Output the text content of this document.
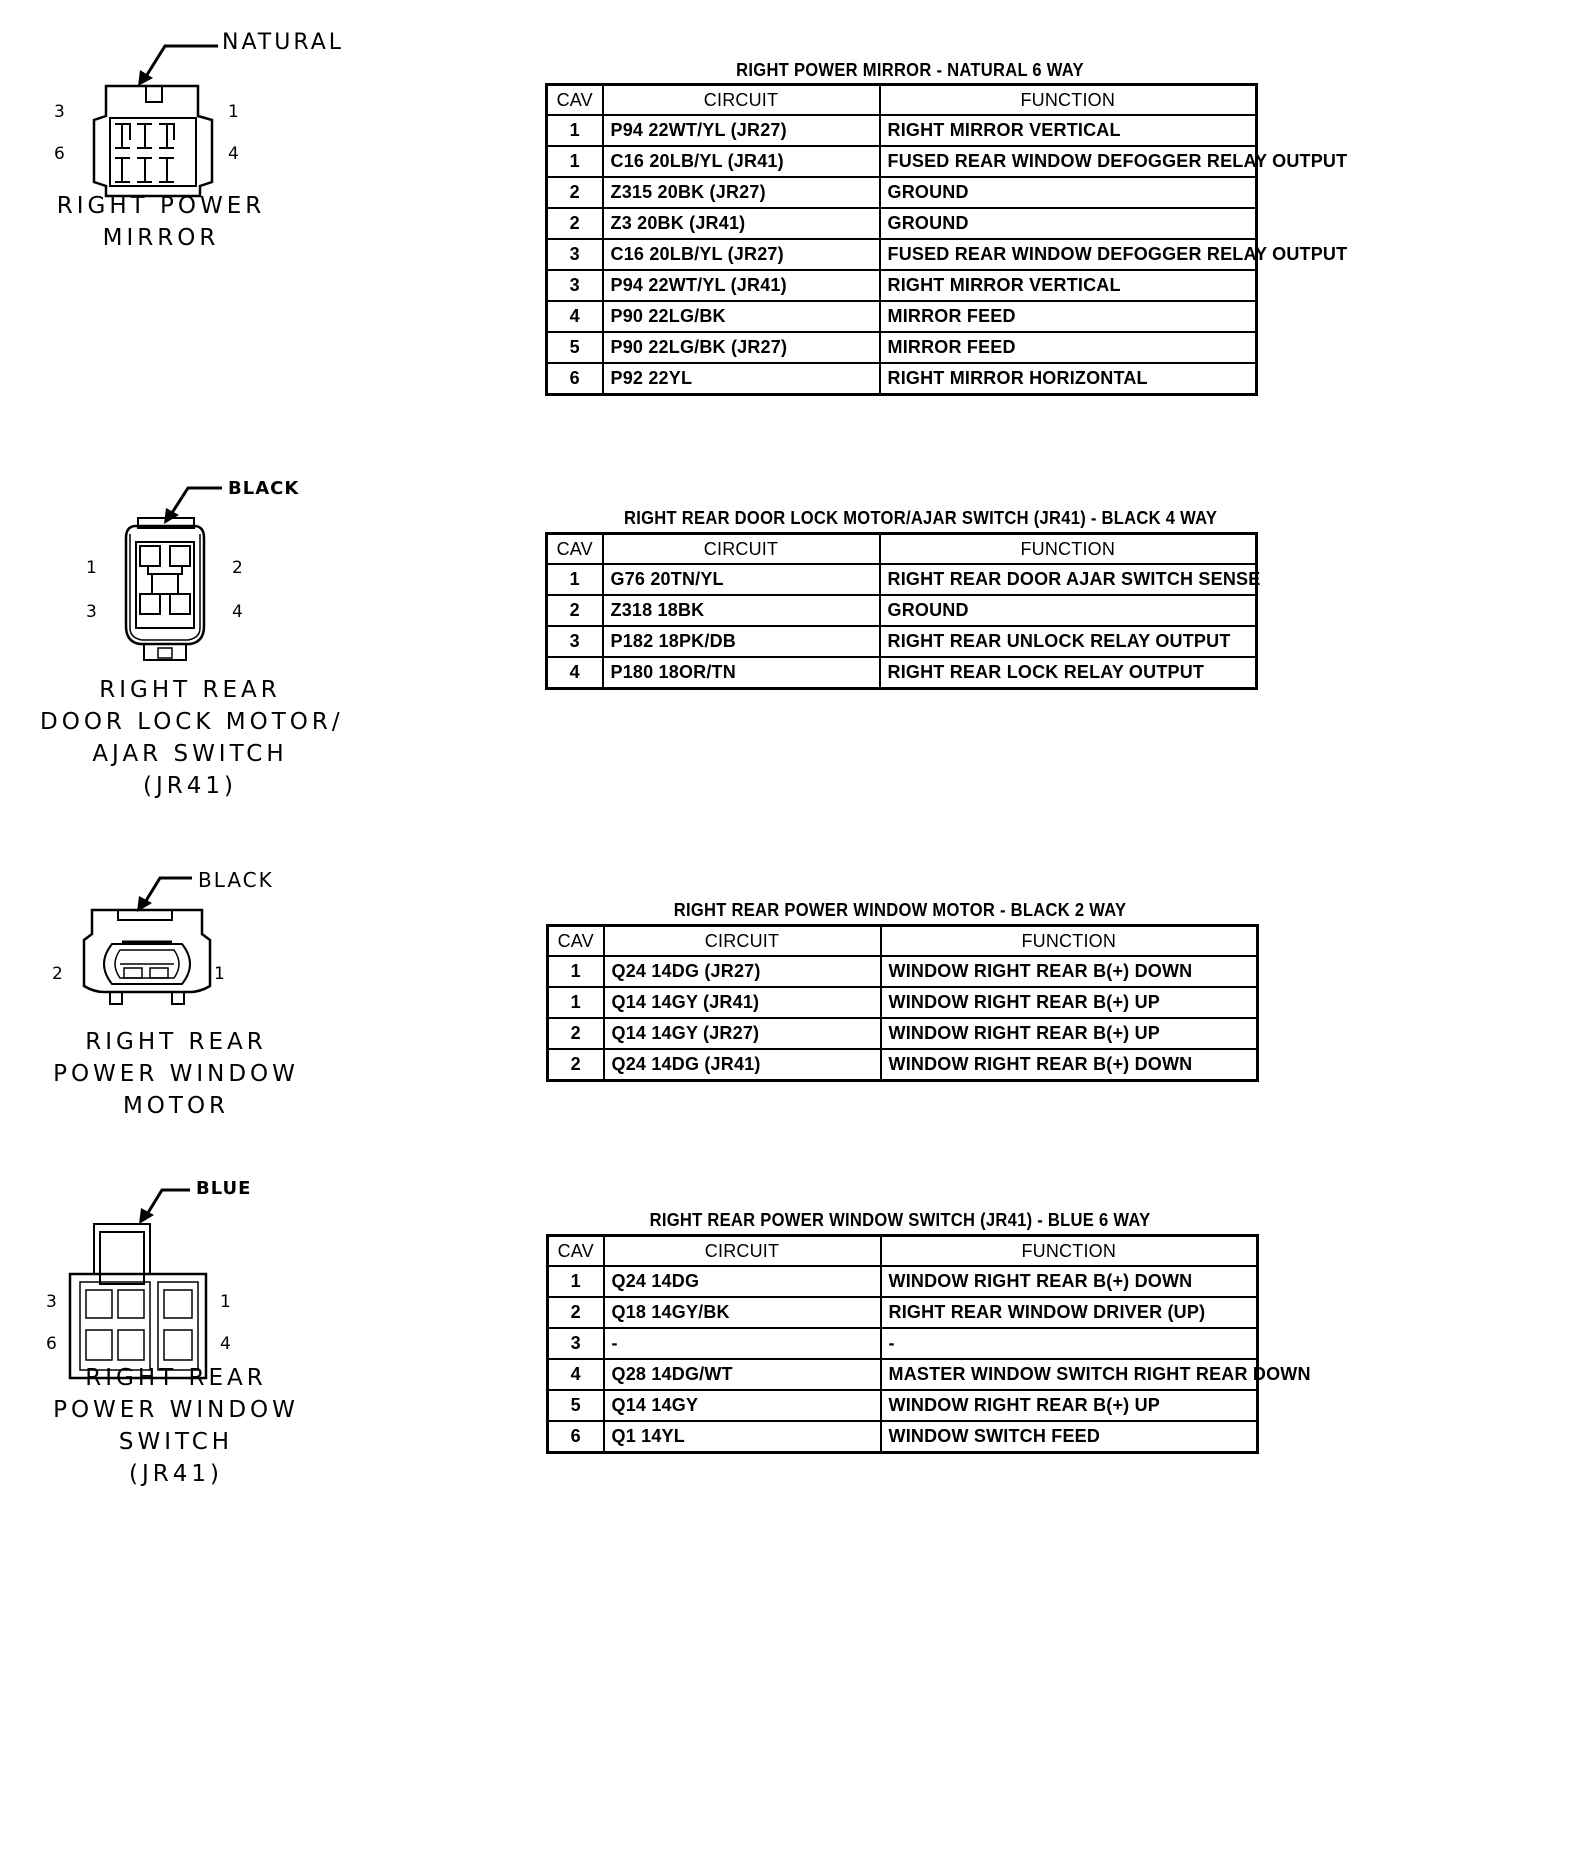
NATURAL
3	1
6	4
RIGHT POWER
MIRROR
RIGHT POWER MIRROR - NATURAL 6 WAY
CAV	CIRCUIT	FUNCTION
1	P94 22WT/YL (JR27)	RIGHT MIRROR VERTICAL
1	C16 20LB/YL (JR41)	FUSED REAR WINDOW DEFOGGER RELAY OUTPUT
2	Z315 20BK (JR27)	GROUND
2	Z3 20BK (JR41)	GROUND
3	C16 20LB/YL (JR27)	FUSED REAR WINDOW DEFOGGER RELAY OUTPUT
3	P94 22WT/YL (JR41)	RIGHT MIRROR VERTICAL
4	P90 22LG/BK	MIRROR FEED
5	P90 22LG/BK (JR27)	MIRROR FEED
6	P92 22YL	RIGHT MIRROR HORIZONTAL
BLACK
1	2
3	4
RIGHT REAR
DOOR LOCK MOTOR/
AJAR SWITCH
(JR41)
RIGHT REAR DOOR LOCK MOTOR/AJAR SWITCH (JR41) - BLACK 4 WAY
CAV	CIRCUIT	FUNCTION
1	G76 20TN/YL	RIGHT REAR DOOR AJAR SWITCH SENSE
2	Z318 18BK	GROUND
3	P182 18PK/DB	RIGHT REAR UNLOCK RELAY OUTPUT
4	P180 18OR/TN	RIGHT REAR LOCK RELAY OUTPUT
BLACK
2	1
RIGHT REAR
POWER WINDOW
MOTOR
RIGHT REAR POWER WINDOW MOTOR - BLACK 2 WAY
CAV	CIRCUIT	FUNCTION
1	Q24 14DG (JR27)	WINDOW RIGHT REAR B(+) DOWN
1	Q14 14GY (JR41)	WINDOW RIGHT REAR B(+) UP
2	Q14 14GY (JR27)	WINDOW RIGHT REAR B(+) UP
2	Q24 14DG (JR41)	WINDOW RIGHT REAR B(+) DOWN
BLUE
3	1
6	4
RIGHT REAR
POWER WINDOW
SWITCH
(JR41)
RIGHT REAR POWER WINDOW SWITCH (JR41) - BLUE 6 WAY
CAV	CIRCUIT	FUNCTION
1	Q24 14DG	WINDOW RIGHT REAR B(+) DOWN
2	Q18 14GY/BK	RIGHT REAR WINDOW DRIVER (UP)
3	-	-
4	Q28 14DG/WT	MASTER WINDOW SWITCH RIGHT REAR DOWN
5	Q14 14GY	WINDOW RIGHT REAR B(+) UP
6	Q1 14YL	WINDOW SWITCH FEED
